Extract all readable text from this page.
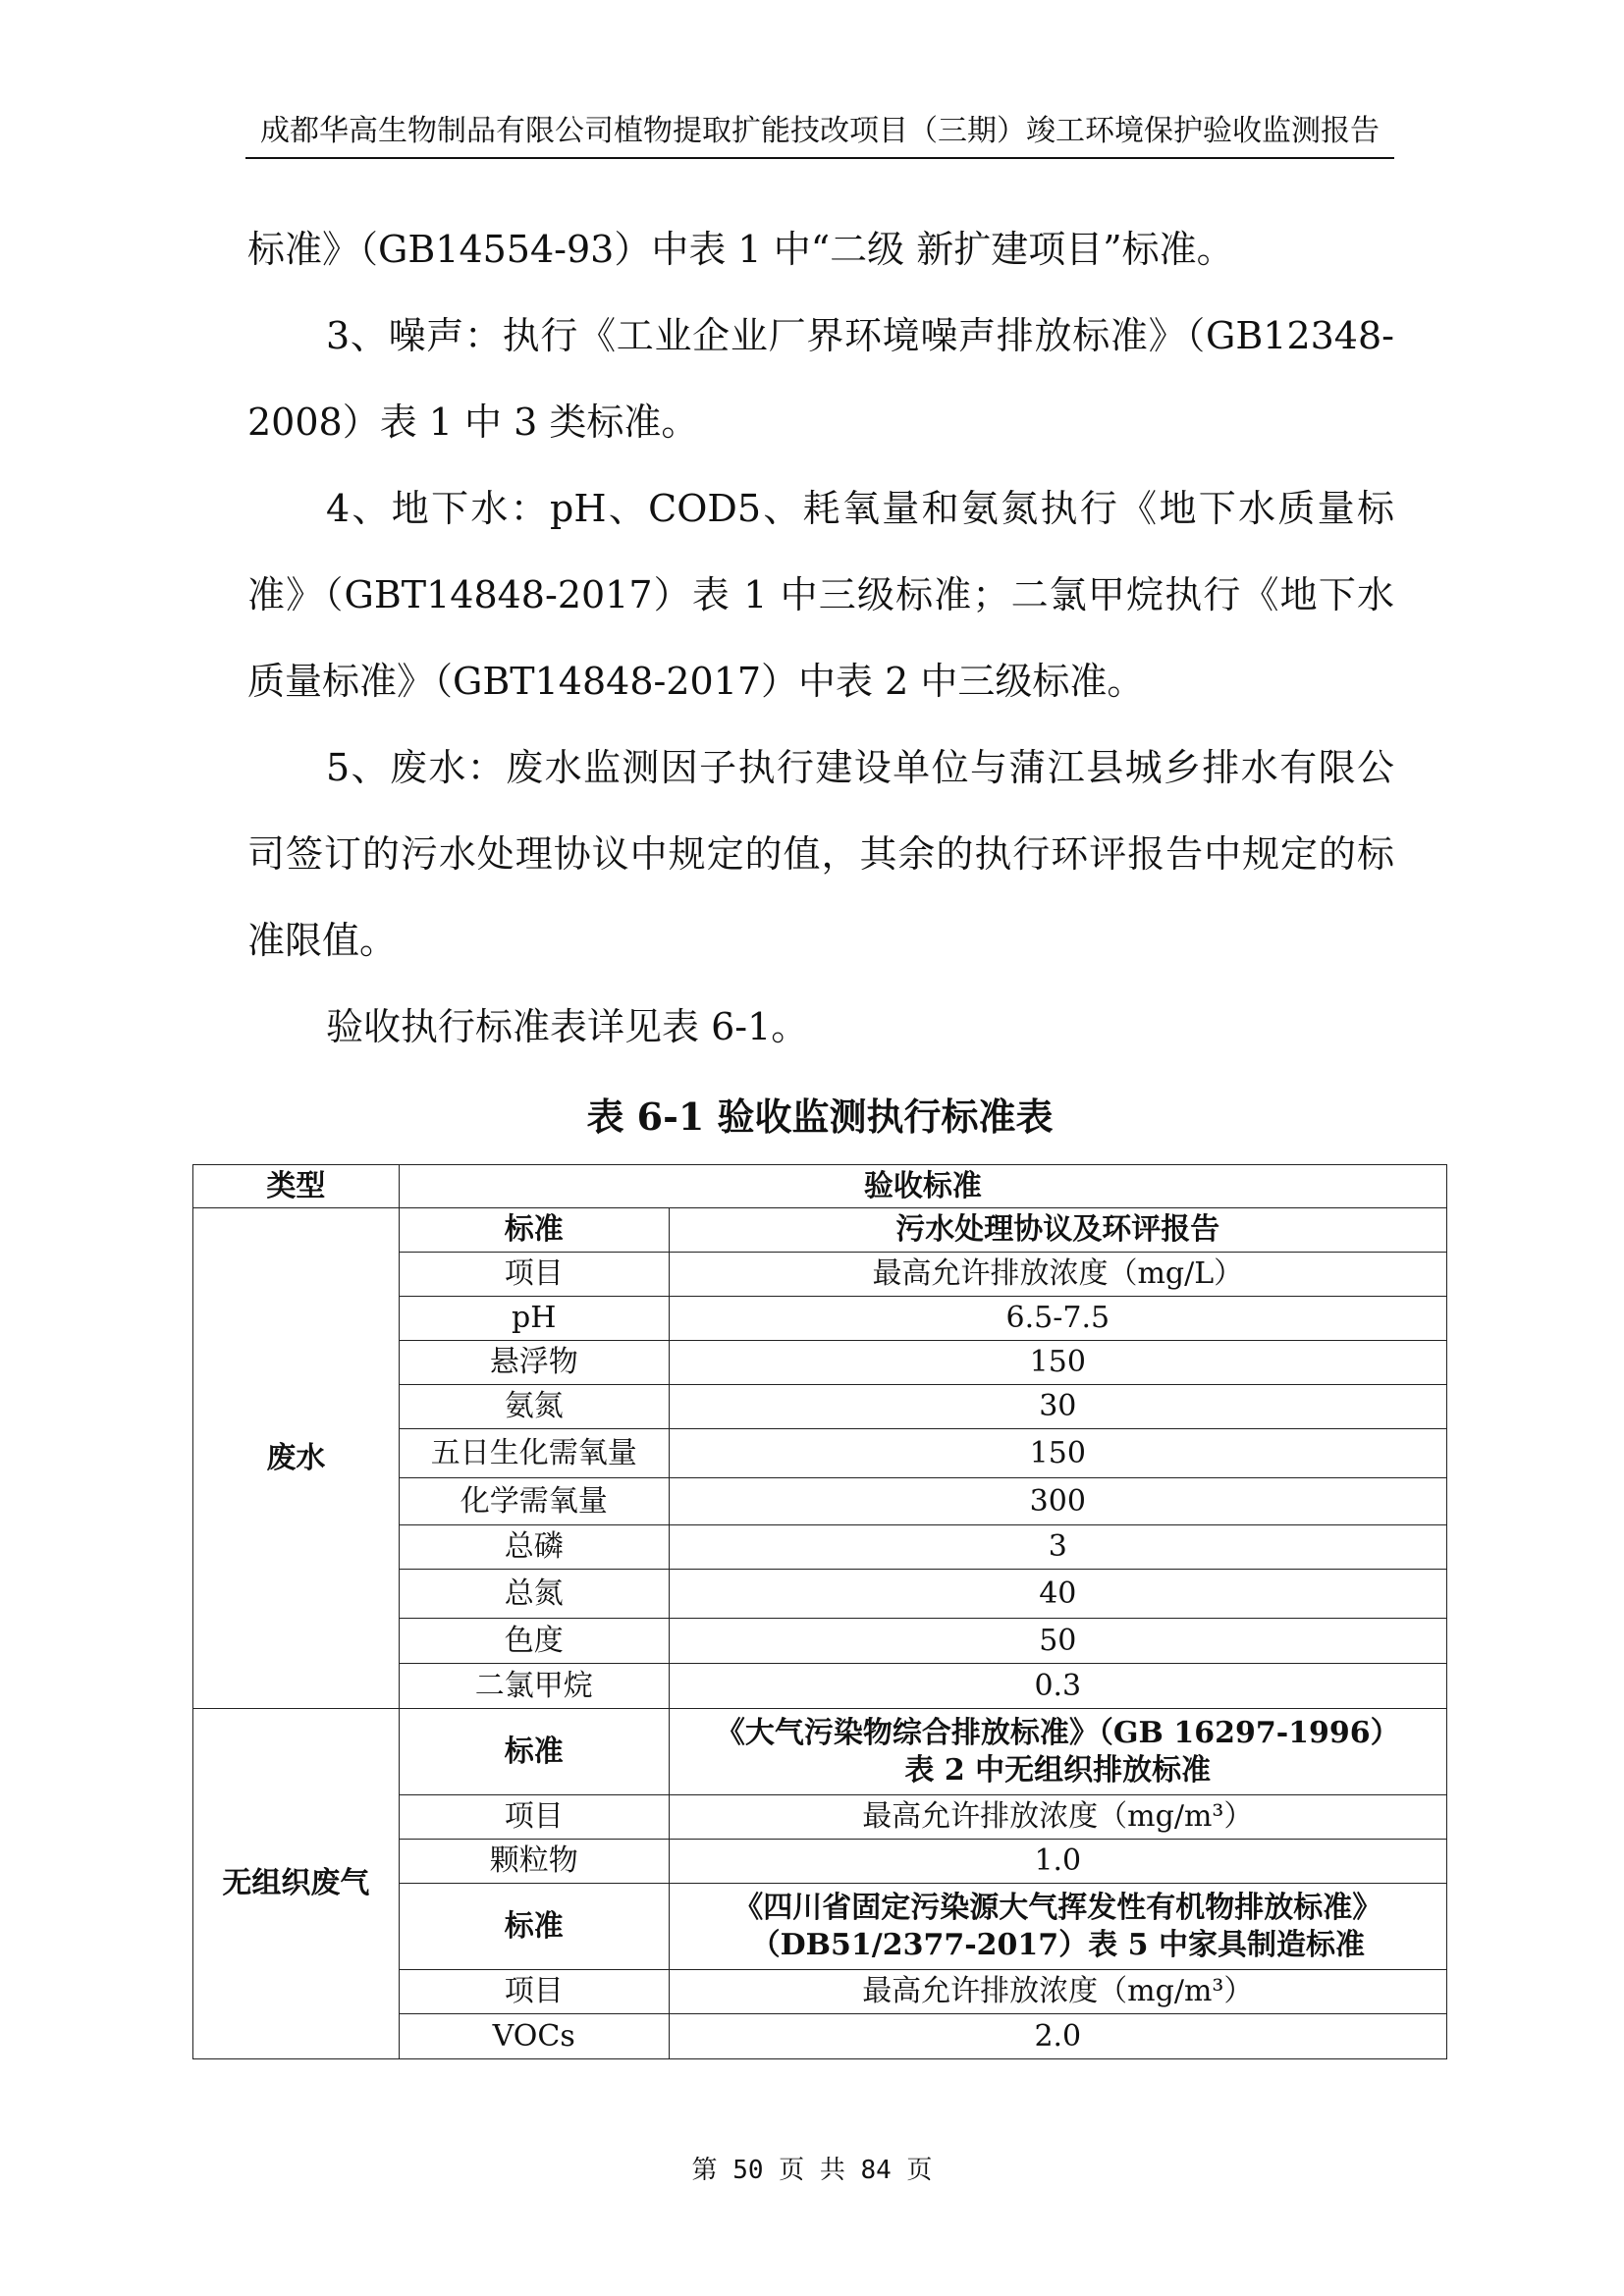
成都华高生物制品有限公司植物提取扩能技改项目（三期）竣工环境保护验收监测报告

标准》（GB14554-93）中表 1 中“二级 新扩建项目”标准。

3、噪声：执行《工业企业厂界环境噪声排放标准》（GB12348-2008）表 1 中 3 类标准。

4、地下水：pH、COD5、耗氧量和氨氮执行《地下水质量标准》（GBT14848-2017）表 1 中三级标准；二氯甲烷执行《地下水质量标准》（GBT14848-2017）中表 2 中三级标准。

5、废水：废水监测因子执行建设单位与蒲江县城乡排水有限公司签订的污水处理协议中规定的值，其余的执行环评报告中规定的标准限值。

验收执行标准表详见表 6-1。

表 6-1 验收监测执行标准表
类型	验收标准	
废水	标准	污水处理协议及环评报告
	项目	最高允许排放浓度（mg/L）
	pH	6.5-7.5
	悬浮物	150
	氨氮	30
	五日生化需氧量	150
	化学需氧量	300
	总磷	3
	总氮	40
	色度	50
	二氯甲烷	0.3
无组织废气	标准	《大气污染物综合排放标准》（GB 16297-1996）
表 2 中无组织排放标准

	项目	最高允许排放浓度（mg/m³）
	颗粒物	1.0
	标准	《四川省固定污染源大气挥发性有机物排放标准》
（DB51/2377-2017）表 5 中家具制造标准

	项目	最高允许排放浓度（mg/m³）
	VOCs	2.0
第 50 页 共 84 页
